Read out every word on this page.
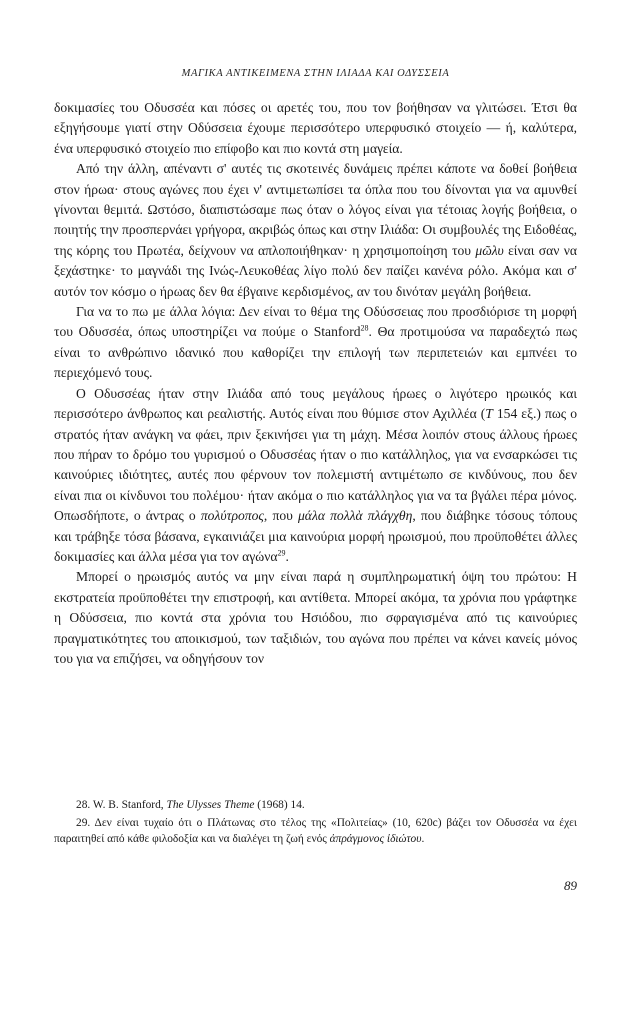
ΜΑΓΙΚΑ ΑΝΤΙΚΕΙΜΕΝΑ ΣΤΗΝ ΙΛΙΑΔΑ ΚΑΙ ΟΔΥΣΣΕΙΑ

δοκιμασίες του Οδυσσέα και πόσες οι αρετές του, που τον βοήθησαν να γλιτώσει. Έτσι θα εξηγήσουμε γιατί στην Οδύσσεια έχουμε περισσότερο υπερφυσικό στοιχείο — ή, καλύτερα, ένα υπερφυσικό στοιχείο πιο επίφοβο και πιο κοντά στη μαγεία.

Από την άλλη, απέναντι σ' αυτές τις σκοτεινές δυνάμεις πρέπει κάποτε να δοθεί βοήθεια στον ήρωα· στους αγώνες που έχει ν' αντιμετωπίσει τα όπλα που του δίνονται για να αμυνθεί γίνονται θεμιτά. Ωστόσο, διαπιστώσαμε πως όταν ο λόγος είναι για τέτοιας λογής βοήθεια, ο ποιητής την προσπερνάει γρήγορα, ακριβώς όπως και στην Ιλιάδα: Οι συμβουλές της Ειδοθέας, της κόρης του Πρωτέα, δείχνουν να απλοποιήθηκαν· η χρησιμοποίηση του μῶλυ είναι σαν να ξεχάστηκε· το μαγνάδι της Ινώς-Λευκοθέας λίγο πολύ δεν παίζει κανένα ρόλο. Ακόμα και σ' αυτόν τον κόσμο ο ήρωας δεν θα έβγαινε κερδισμένος, αν του δινόταν μεγάλη βοήθεια.

Για να το πω με άλλα λόγια: Δεν είναι το θέμα της Οδύσσειας που προσδιόρισε τη μορφή του Οδυσσέα, όπως υποστηρίζει να πούμε ο Stanford$^{28}$. Θα προτιμούσα να παραδεχτώ πως είναι το ανθρώπινο ιδανικό που καθορίζει την επιλογή των περιπετειών και εμπνέει το περιεχόμενό τους.

Ο Οδυσσέας ήταν στην Ιλιάδα από τους μεγάλους ήρωες ο λιγότερο ηρωικός και περισσότερο άνθρωπος και ρεαλιστής. Αυτός είναι που θύμισε στον Αχιλλέα (Τ 154 εξ.) πως ο στρατός ήταν ανάγκη να φάει, πριν ξεκινήσει για τη μάχη. Μέσα λοιπόν στους άλλους ήρωες που πήραν το δρόμο του γυρισμού ο Οδυσσέας ήταν ο πιο κατάλληλος, για να ενσαρκώσει τις καινούριες ιδιότητες, αυτές που φέρνουν τον πολεμιστή αντιμέτωπο σε κινδύνους, που δεν είναι πια οι κίνδυνοι του πολέμου· ήταν ακόμα ο πιο κατάλληλος για να τα βγάλει πέρα μόνος. Οπωσδήποτε, ο άντρας ο πολύτροπος, που μάλα πολλὰ πλάγχθη, που διάβηκε τόσους τόπους και τράβηξε τόσα βάσανα, εγκαινιάζει μια καινούρια μορφή ηρωισμού, που προϋποθέτει άλλες δοκιμασίες και άλλα μέσα για τον αγώνα$^{29}$.

Μπορεί ο ηρωισμός αυτός να μην είναι παρά η συμπληρωματική όψη του πρώτου: Η εκστρατεία προϋποθέτει την επιστροφή, και αντίθετα. Μπορεί ακόμα, τα χρόνια που γράφτηκε η Οδύσσεια, πιο κοντά στα χρόνια του Ησιόδου, πιο σφραγισμένα από τις καινούριες πραγματικότητες του αποικισμού, των ταξιδιών, του αγώνα που πρέπει να κάνει κανείς μόνος του για να επιζήσει, να οδηγήσουν τον

28. W. B. Stanford, The Ulysses Theme (1968) 14.

29. Δεν είναι τυχαίο ότι ο Πλάτωνας στο τέλος της «Πολιτείας» (10, 620c) βάζει τον Οδυσσέα να έχει παραιτηθεί από κάθε φιλοδοξία και να διαλέγει τη ζωή ενός ἀπράγμονος ἰδιώτου.

89
